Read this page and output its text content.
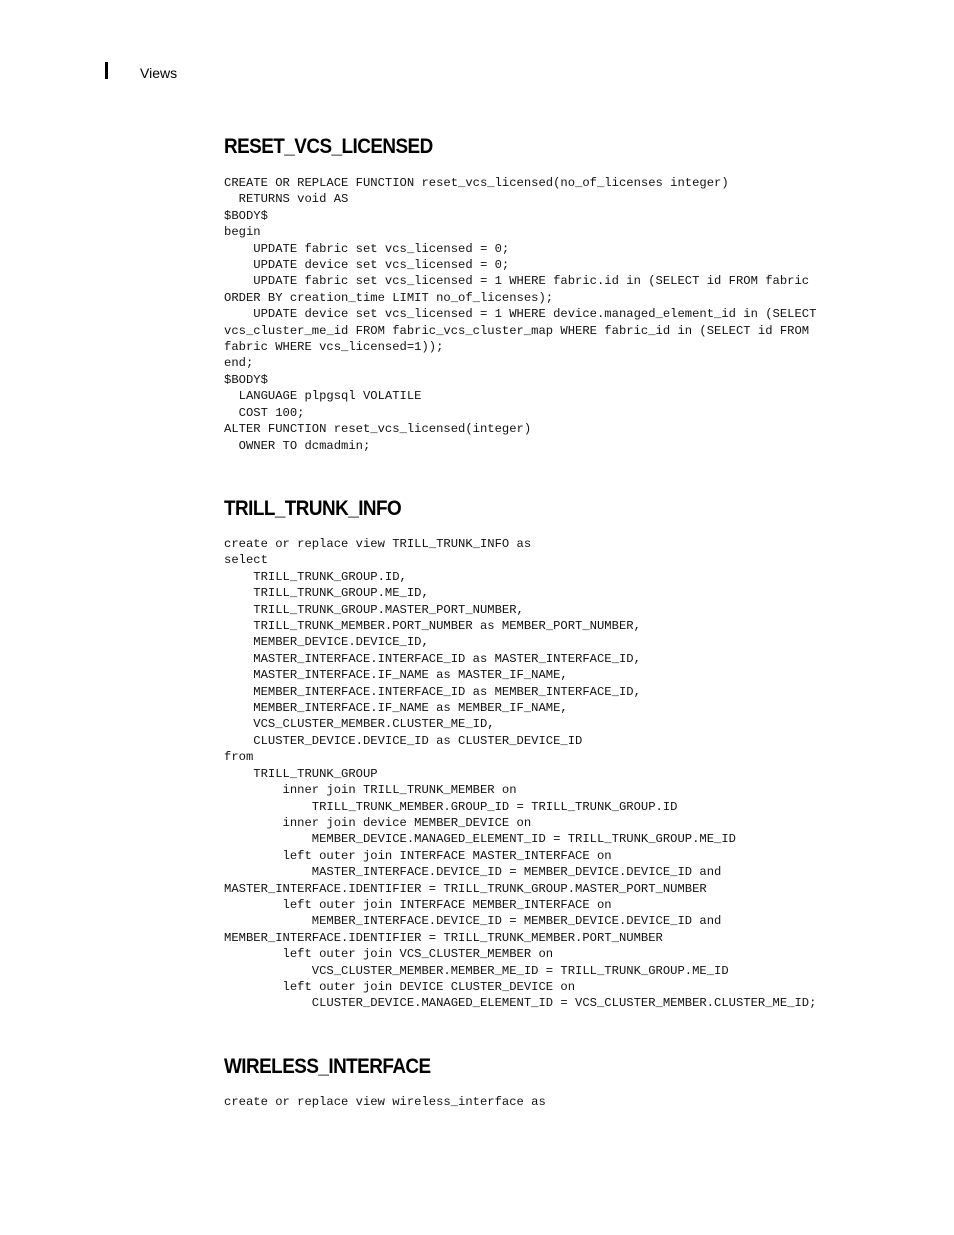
Views
RESET_VCS_LICENSED
CREATE OR REPLACE FUNCTION reset_vcs_licensed(no_of_licenses integer)
RETURNS void AS
$BODY$
begin
UPDATE fabric set vcs_licensed = 0;
UPDATE device set vcs_licensed = 0;
UPDATE fabric set vcs_licensed = 1 WHERE fabric.id in (SELECT id FROM fabric
ORDER BY creation_time LIMIT no_of_licenses);
UPDATE device set vcs_licensed = 1 WHERE device.managed_element_id in (SELECT
vcs_cluster_me_id FROM fabric_vcs_cluster_map WHERE fabric_id in (SELECT id FROM
fabric WHERE vcs_licensed=1));
end;
$BODY$
LANGUAGE plpgsql VOLATILE
COST 100;
ALTER FUNCTION reset_vcs_licensed(integer)
OWNER TO dcmadmin;
TRILL_TRUNK_INFO
create or replace view TRILL_TRUNK_INFO as
select
TRILL_TRUNK_GROUP.ID,
TRILL_TRUNK_GROUP.ME_ID,
TRILL_TRUNK_GROUP.MASTER_PORT_NUMBER,
TRILL_TRUNK_MEMBER.PORT_NUMBER as MEMBER_PORT_NUMBER,
MEMBER_DEVICE.DEVICE_ID,
MASTER_INTERFACE.INTERFACE_ID as MASTER_INTERFACE_ID,
MASTER_INTERFACE.IF_NAME as MASTER_IF_NAME,
MEMBER_INTERFACE.INTERFACE_ID as MEMBER_INTERFACE_ID,
MEMBER_INTERFACE.IF_NAME as MEMBER_IF_NAME,
VCS_CLUSTER_MEMBER.CLUSTER_ME_ID,
CLUSTER_DEVICE.DEVICE_ID as CLUSTER_DEVICE_ID
from
TRILL_TRUNK_GROUP
inner join TRILL_TRUNK_MEMBER on
TRILL_TRUNK_MEMBER.GROUP_ID = TRILL_TRUNK_GROUP.ID
inner join device MEMBER_DEVICE on
MEMBER_DEVICE.MANAGED_ELEMENT_ID = TRILL_TRUNK_GROUP.ME_ID
left outer join INTERFACE MASTER_INTERFACE on
MASTER_INTERFACE.DEVICE_ID = MEMBER_DEVICE.DEVICE_ID and
MASTER_INTERFACE.IDENTIFIER = TRILL_TRUNK_GROUP.MASTER_PORT_NUMBER
left outer join INTERFACE MEMBER_INTERFACE on
MEMBER_INTERFACE.DEVICE_ID = MEMBER_DEVICE.DEVICE_ID and
MEMBER_INTERFACE.IDENTIFIER = TRILL_TRUNK_MEMBER.PORT_NUMBER
left outer join VCS_CLUSTER_MEMBER on
VCS_CLUSTER_MEMBER.MEMBER_ME_ID = TRILL_TRUNK_GROUP.ME_ID
left outer join DEVICE CLUSTER_DEVICE on
CLUSTER_DEVICE.MANAGED_ELEMENT_ID = VCS_CLUSTER_MEMBER.CLUSTER_ME_ID;
WIRELESS_INTERFACE
create or replace view wireless_interface as
